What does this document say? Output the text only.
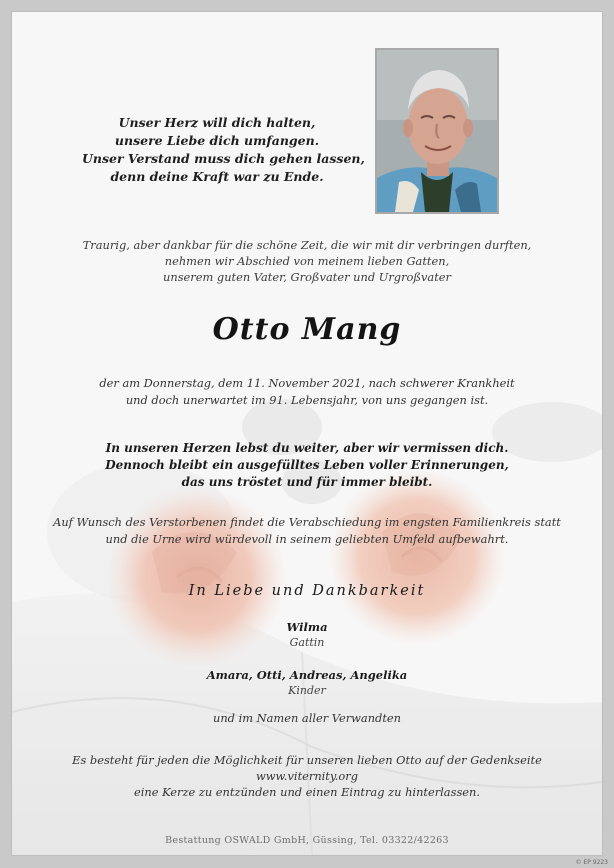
Unser Herz will dich halten,
unsere Liebe dich umfangen.
Unser Verstand muss dich gehen lassen,
denn deine Kraft war zu Ende.
Traurig, aber dankbar für die schöne Zeit, die wir mit dir verbringen durften,
nehmen wir Abschied von meinem lieben Gatten,
unserem guten Vater, Großvater und Urgroßvater
Otto Mang
der am Donnerstag, dem 11. November 2021, nach schwerer Krankheit
und doch unerwartet im 91. Lebensjahr, von uns gegangen ist.
In unseren Herzen lebst du weiter, aber wir vermissen dich.
Dennoch bleibt ein ausgefülltes Leben voller Erinnerungen,
das uns tröstet und für immer bleibt.
Auf Wunsch des Verstorbenen findet die Verabschiedung im engsten Familienkreis statt
und die Urne wird würdevoll in seinem geliebten Umfeld aufbewahrt.
In Liebe und Dankbarkeit
Wilma
Gattin
Amara, Otti, Andreas, Angelika
Kinder
und im Namen aller Verwandten
Es besteht für jeden die Möglichkeit für unseren lieben Otto auf der Gedenkseite
www.viternity.org
eine Kerze zu entzünden und einen Eintrag zu hinterlassen.
Bestattung OSWALD GmbH, Güssing, Tel. 03322/42263
© EP 9223
